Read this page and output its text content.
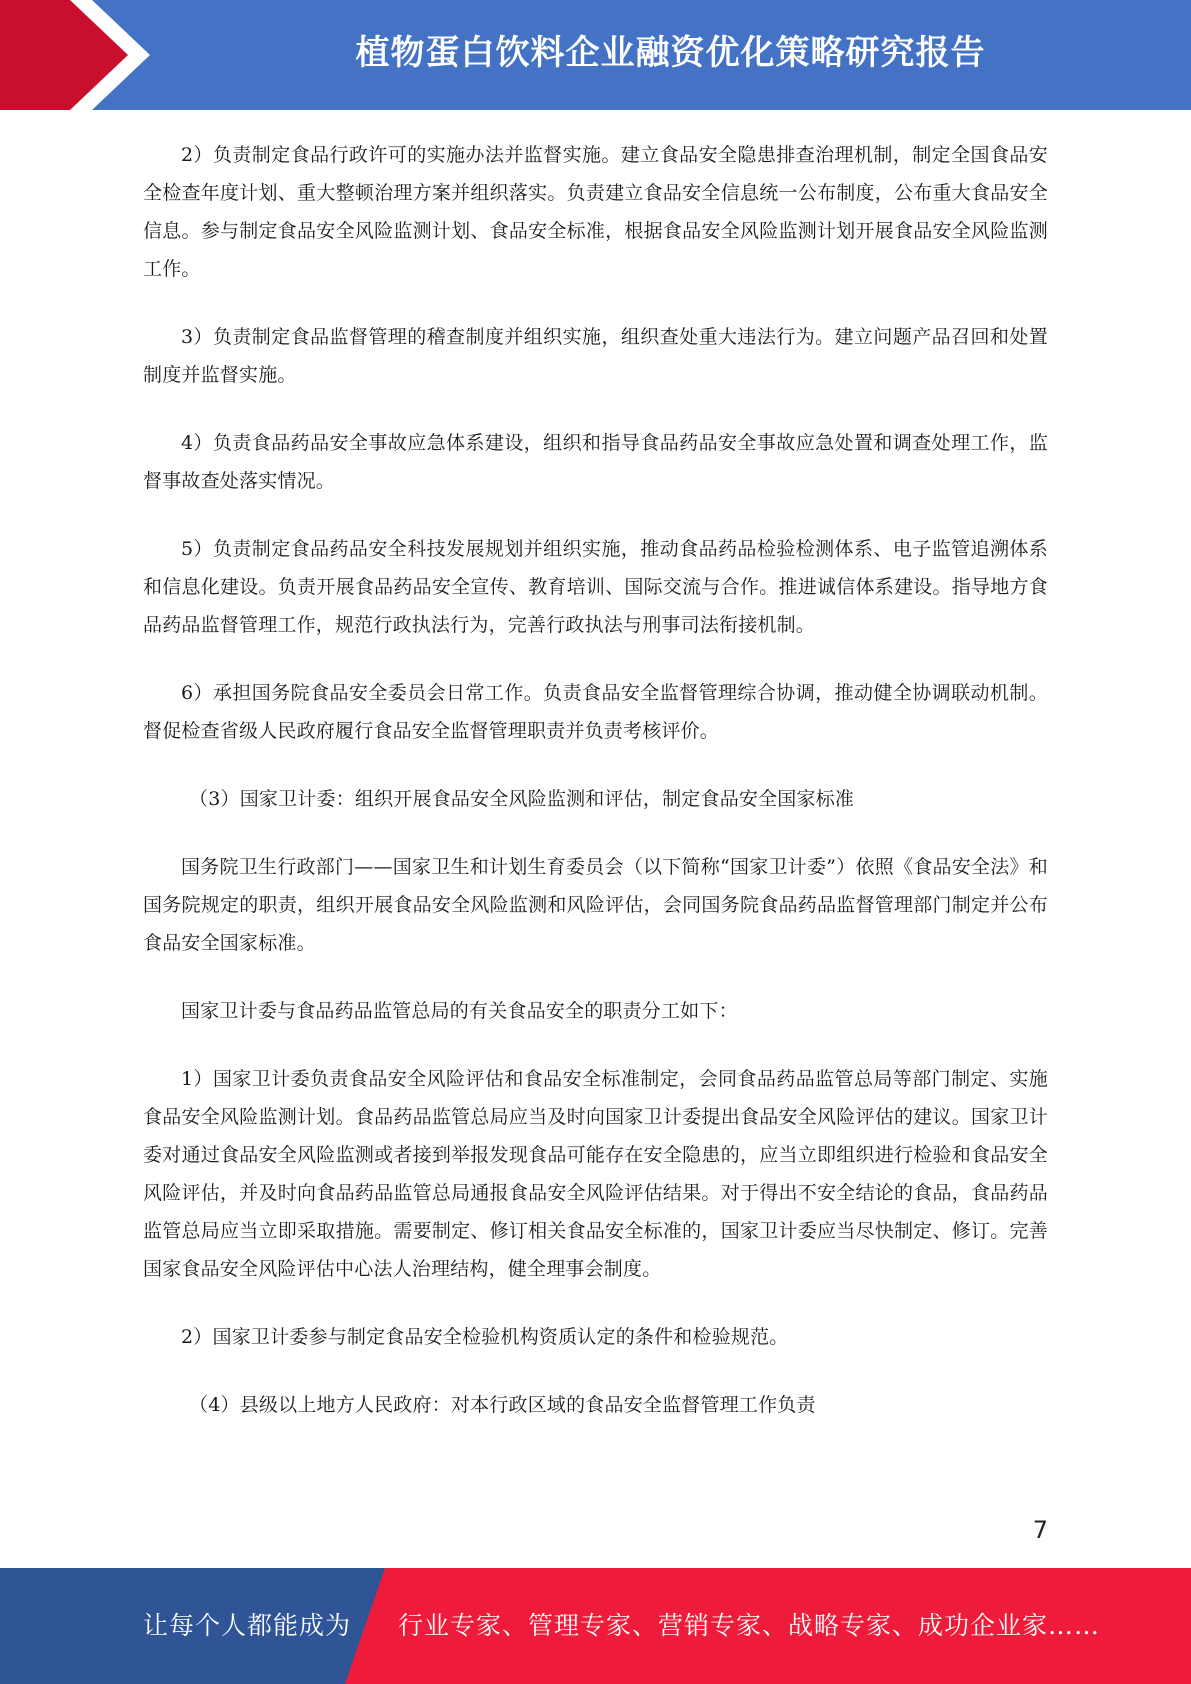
植物蛋白饮料企业融资优化策略研究报告

2）负责制定食品行政许可的实施办法并监督实施。建立食品安全隐患排查治理机制，制定全国食品安全检查年度计划、重大整顿治理方案并组织落实。负责建立食品安全信息统一公布制度，公布重大食品安全信息。参与制定食品安全风险监测计划、食品安全标准，根据食品安全风险监测计划开展食品安全风险监测工作。

3）负责制定食品监督管理的稽查制度并组织实施，组织查处重大违法行为。建立问题产品召回和处置制度并监督实施。

4）负责食品药品安全事故应急体系建设，组织和指导食品药品安全事故应急处置和调查处理工作，监督事故查处落实情况。

5）负责制定食品药品安全科技发展规划并组织实施，推动食品药品检验检测体系、电子监管追溯体系和信息化建设。负责开展食品药品安全宣传、教育培训、国际交流与合作。推进诚信体系建设。指导地方食品药品监督管理工作，规范行政执法行为，完善行政执法与刑事司法衔接机制。

6）承担国务院食品安全委员会日常工作。负责食品安全监督管理综合协调，推动健全协调联动机制。督促检查省级人民政府履行食品安全监督管理职责并负责考核评价。

（3）国家卫计委：组织开展食品安全风险监测和评估，制定食品安全国家标准

国务院卫生行政部门——国家卫生和计划生育委员会（以下简称“国家卫计委”）依照《食品安全法》和国务院规定的职责，组织开展食品安全风险监测和风险评估，会同国务院食品药品监督管理部门制定并公布食品安全国家标准。

国家卫计委与食品药品监管总局的有关食品安全的职责分工如下：

1）国家卫计委负责食品安全风险评估和食品安全标准制定，会同食品药品监管总局等部门制定、实施食品安全风险监测计划。食品药品监管总局应当及时向国家卫计委提出食品安全风险评估的建议。国家卫计委对通过食品安全风险监测或者接到举报发现食品可能存在安全隐患的，应当立即组织进行检验和食品安全风险评估，并及时向食品药品监管总局通报食品安全风险评估结果。对于得出不安全结论的食品，食品药品监管总局应当立即采取措施。需要制定、修订相关食品安全标准的，国家卫计委应当尽快制定、修订。完善国家食品安全风险评估中心法人治理结构，健全理事会制度。

2）国家卫计委参与制定食品安全检验机构资质认定的条件和检验规范。

（4）县级以上地方人民政府：对本行政区域的食品安全监督管理工作负责

7
让每个人都能成为 行业专家、管理专家、营销专家、战略专家、成功企业家……
